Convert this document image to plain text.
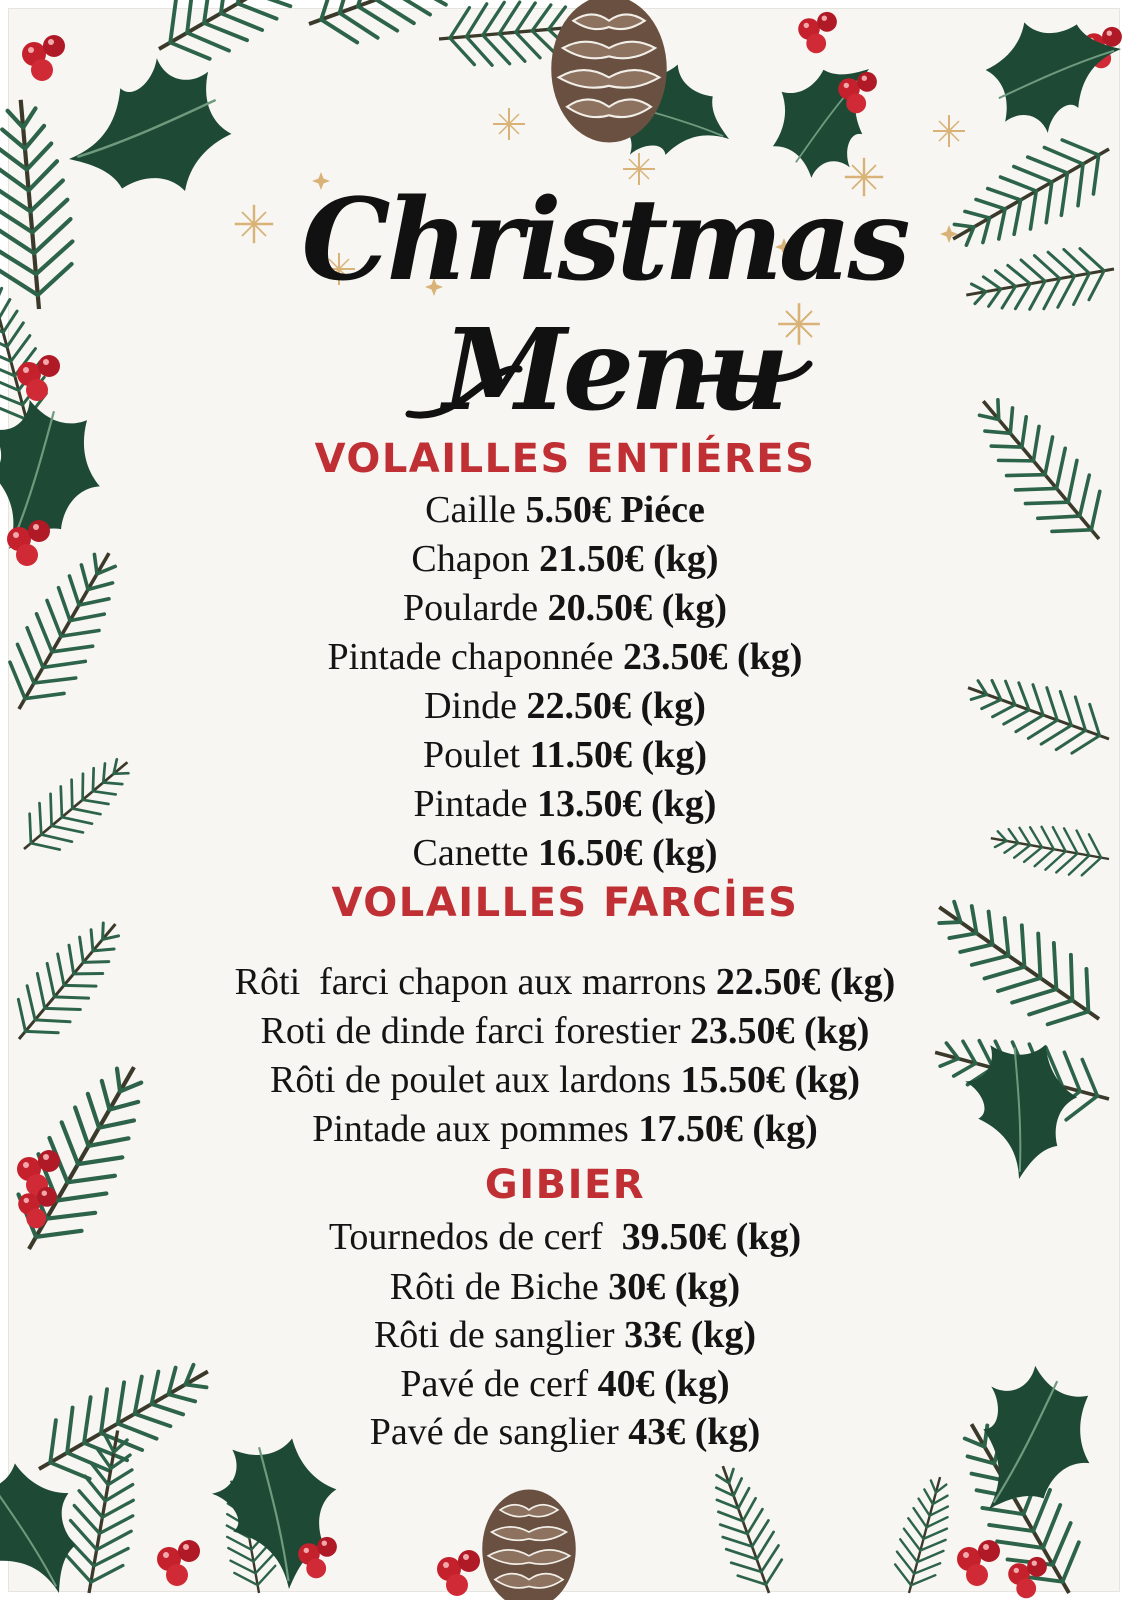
Christmas
Menu
VOLAILLES ENTIÉRES
Caille 5.50€ Piéce
Chapon 21.50€ (kg)
Poularde 20.50€ (kg)
Pintade chaponnée 23.50€ (kg)
Dinde 22.50€ (kg)
Poulet 11.50€ (kg)
Pintade 13.50€ (kg)
Canette 16.50€ (kg)
VOLAILLES FARCİES
Rôti  farci chapon aux marrons 22.50€ (kg)
Roti de dinde farci forestier 23.50€ (kg)
Rôti de poulet aux lardons 15.50€ (kg)
Pintade aux pommes 17.50€ (kg)
GIBIER
Tournedos de cerf  39.50€ (kg)
Rôti de Biche 30€ (kg)
Rôti de sanglier 33€ (kg)
Pavé de cerf 40€ (kg)
Pavé de sanglier 43€ (kg)
